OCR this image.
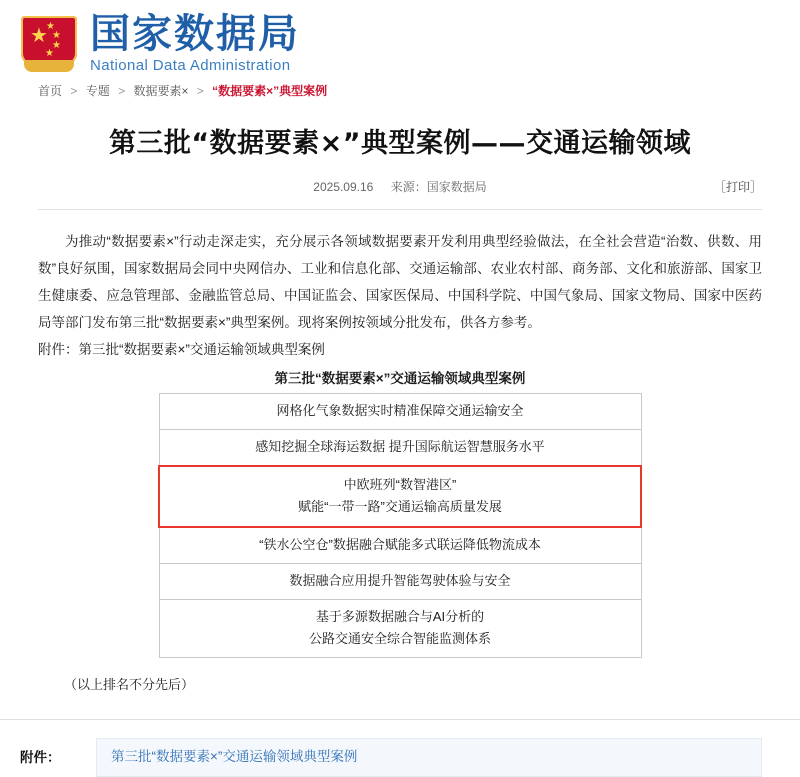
★
★
★
★
★ 国家数据局
National Data Administration
首页 > 专题 > 数据要素× > “数据要素×”典型案例
第三批“数据要素×”典型案例——交通运输领域
2025.09.16 来源：国家数据局	［打印］
为推动“数据要素×”行动走深走实，充分展示各领域数据要素开发利用典型经验做法，在全社会营造“治数、供数、用数”良好氛围，国家数据局会同中央网信办、工业和信息化部、交通运输部、农业农村部、商务部、文化和旅游部、国家卫生健康委、应急管理部、金融监管总局、中国证监会、国家医保局、中国科学院、中国气象局、国家文物局、国家中医药局等部门发布第三批“数据要素×”典型案例。现将案例按领域分批发布，供各方参考。
附件：第三批“数据要素×”交通运输领域典型案例
第三批“数据要素×”交通运输领域典型案例
网格化气象数据实时精准保障交通运输安全
感知挖掘全球海运数据 提升国际航运智慧服务水平

中欧班列“数智港区”
赋能“一带一路”交通运输高质量发展

“铁水公空仓”数据融合赋能多式联运降低物流成本
数据融合应用提升智能驾驶体验与安全

基于多源数据融合与AI分析的
公路交通安全综合智能监测体系
（以上排名不分先后）
附件：	第三批“数据要素×”交通运输领域典型案例
